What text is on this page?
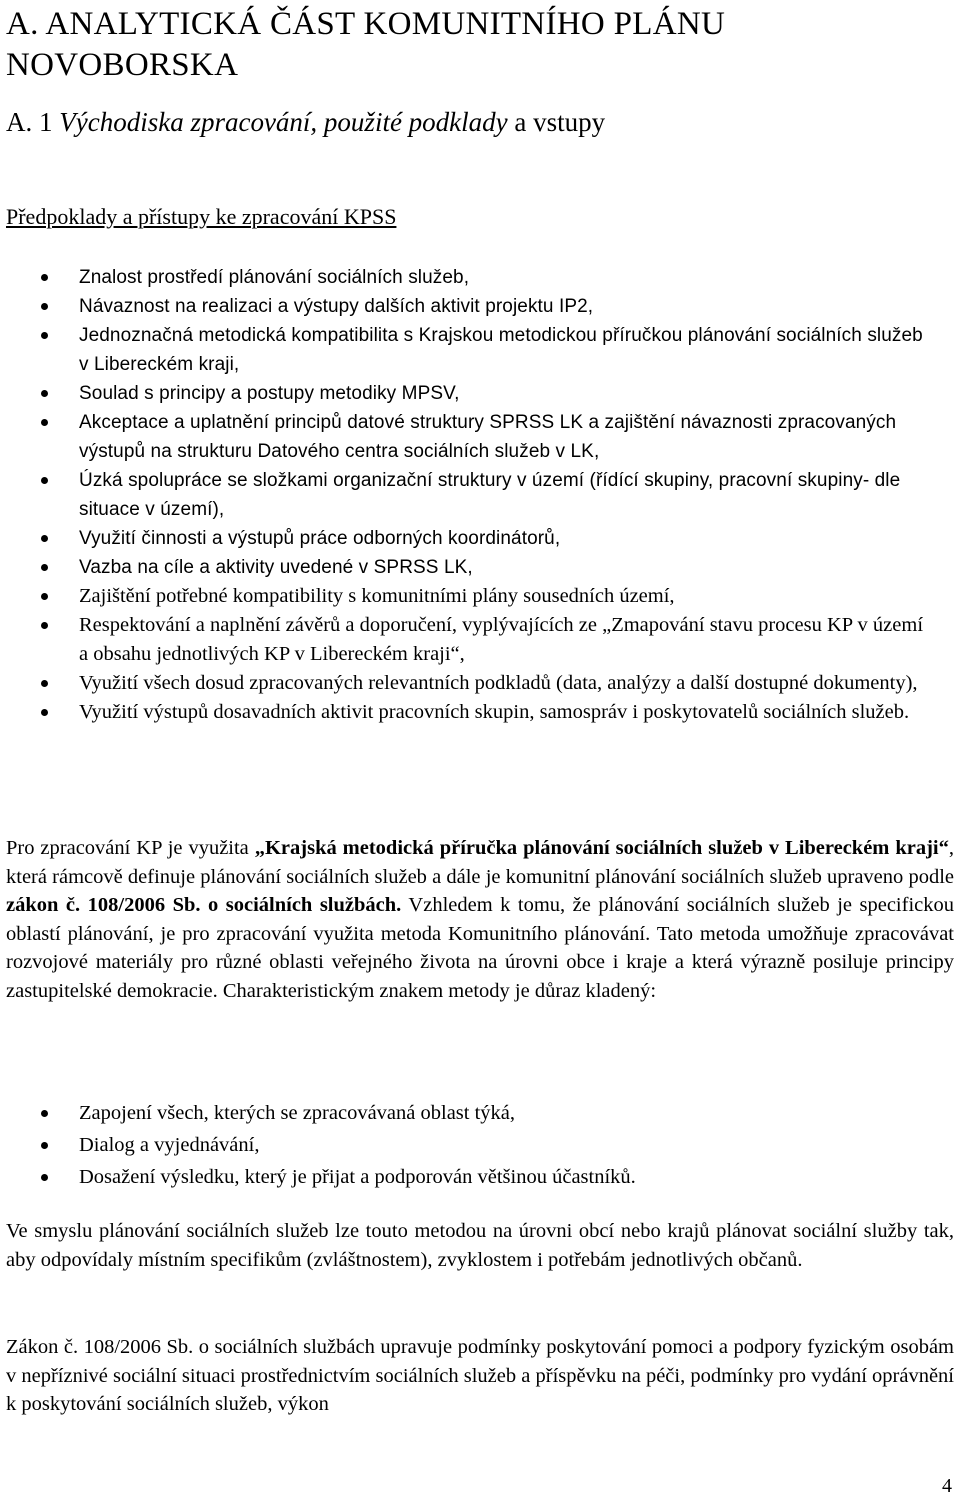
A. ANALYTICKÁ ČÁST KOMUNITNÍHO PLÁNU NOVOBORSKA
A. 1 Východiska zpracování, použité podklady a vstupy
Předpoklady a přístupy ke zpracování KPSS
Znalost prostředí plánování sociálních služeb,
Návaznost na realizaci a výstupy dalších aktivit projektu IP2,
Jednoznačná metodická kompatibilita s Krajskou metodickou příručkou plánování sociálních služeb v Libereckém kraji,
Soulad s principy a postupy metodiky MPSV,
Akceptace a uplatnění principů datové struktury SPRSS LK a zajištění návaznosti zpracovaných výstupů na strukturu Datového centra sociálních služeb v LK,
Úzká spolupráce se složkami organizační struktury v území (řídící skupiny, pracovní skupiny- dle situace v území),
Využití činnosti a výstupů práce odborných koordinátorů,
Vazba na cíle a aktivity uvedené v SPRSS LK,
Zajištění potřebné kompatibility s komunitními plány sousedních území,
Respektování a naplnění závěrů a doporučení, vyplývajících ze „Zmapování stavu procesu KP v území a obsahu jednotlivých KP v Libereckém kraji“,
Využití všech dosud zpracovaných relevantních podkladů (data, analýzy a další dostupné dokumenty),
Využití výstupů dosavadních aktivit pracovních skupin, samospráv i poskytovatelů sociálních služeb.

Pro zpracování KP je využita „Krajská metodická příručka plánování sociálních služeb v Libereckém kraji“, která rámcově definuje plánování sociálních služeb a dále je komunitní plánování sociálních služeb upraveno podle zákon č. 108/2006 Sb. o sociálních službách. Vzhledem k tomu, že plánování sociálních služeb je specifickou oblastí plánování, je pro zpracování využita metoda Komunitního plánování. Tato metoda umožňuje zpracovávat rozvojové materiály pro různé oblasti veřejného života na úrovni obce i kraje a která výrazně posiluje principy zastupitelské demokracie. Charakteristickým znakem metody je důraz kladený:

Zapojení všech, kterých se zpracovávaná oblast týká,
Dialog a vyjednávání,
Dosažení výsledku, který je přijat a podporován většinou účastníků.

Ve smyslu plánování sociálních služeb lze touto metodou na úrovni obcí nebo krajů plánovat sociální služby tak, aby odpovídaly místním specifikům (zvláštnostem), zvyklostem i potřebám jednotlivých občanů.

Zákon č. 108/2006 Sb. o sociálních službách upravuje podmínky poskytování pomoci a podpory fyzickým osobám v nepříznivé sociální situaci prostřednictvím sociálních služeb a příspěvku na péči, podmínky pro vydání oprávnění k poskytování sociálních služeb, výkon

4
